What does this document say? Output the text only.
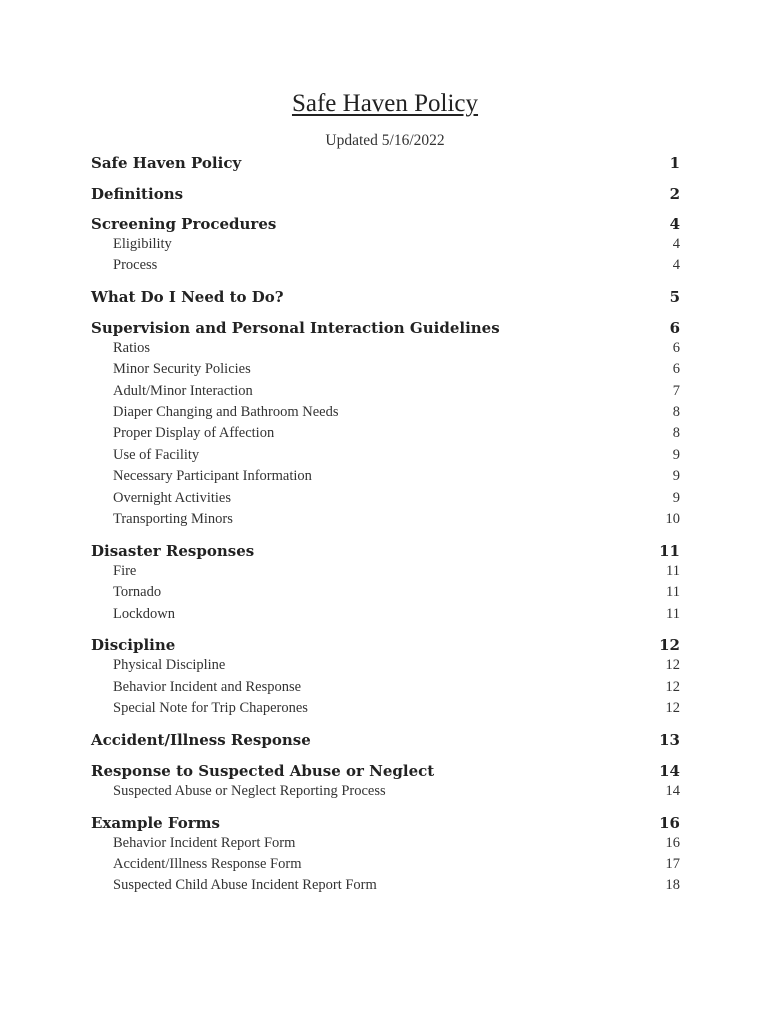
Safe Haven Policy
Updated 5/16/2022
Safe Haven Policy	1
Definitions	2
Screening Procedures	4
Eligibility	4
Process	4
What Do I Need to Do?	5
Supervision and Personal Interaction Guidelines	6
Ratios	6
Minor Security Policies	6
Adult/Minor Interaction	7
Diaper Changing and Bathroom Needs	8
Proper Display of Affection	8
Use of Facility	9
Necessary Participant Information	9
Overnight Activities	9
Transporting Minors	10
Disaster Responses	11
Fire	11
Tornado	11
Lockdown	11
Discipline	12
Physical Discipline	12
Behavior Incident and Response	12
Special Note for Trip Chaperones	12
Accident/Illness Response	13
Response to Suspected Abuse or Neglect	14
Suspected Abuse or Neglect Reporting Process	14
Example Forms	16
Behavior Incident Report Form	16
Accident/Illness Response Form	17
Suspected Child Abuse Incident Report Form	18
